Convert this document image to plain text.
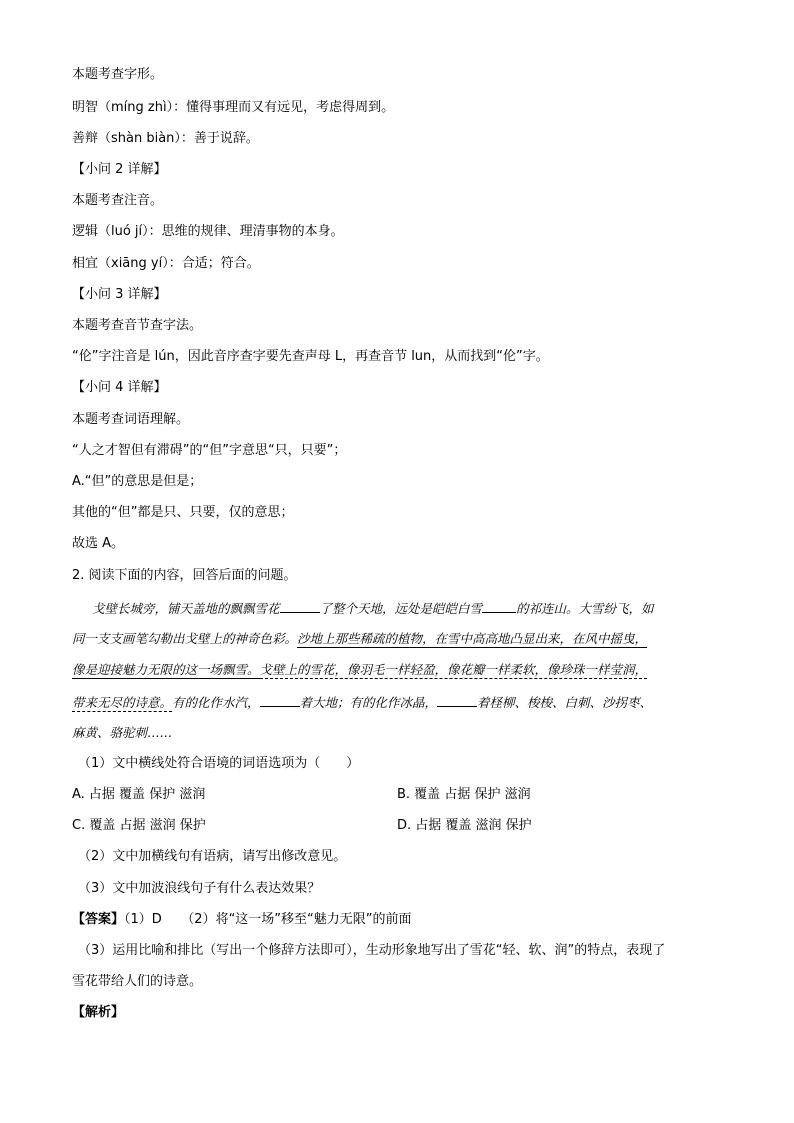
本题考查字形。
明智（míng zhì）：懂得事理而又有远见，考虑得周到。
善辩（shàn biàn）：善于说辞。
【小问 2 详解】
本题考查注音。
逻辑（luó jí）：思维的规律、理清事物的本身。
相宜（xiāng yí）：合适；符合。
【小问 3 详解】
本题考查音节查字法。
“伦”字注音是 lún，因此音序查字要先查声母 L，再查音节 lun，从而找到“伦”字。
【小问 4 详解】
本题考查词语理解。
“人之才智但有滞碍”的“但”字意思“只，只要”；
A.“但”的意思是但是；
其他的“但”都是只、只要，仅的意思；
故选 A。
2. 阅读下面的内容，回答后面的问题。
戈壁长城旁，铺天盖地的飘飘雪花	了整个天地，远处是皑皑白雪	的祁连山。大雪纷飞，如
同一支支画笔勾勒出戈壁上的神奇色彩。沙地上那些稀疏的植物，在雪中高高地凸显出来，在风中摇曳，
像是迎接魅力无限的这一场飘雪。戈壁上的雪花，像羽毛一样轻盈，像花瓣一样柔软，像珍珠一样莹润，
带来无尽的诗意。有的化作水汽，	着大地；有的化作冰晶，	着柽柳、梭梭、白刺、沙拐枣、
麻黄、骆驼刺……
（1）文中横线处符合语境的词语选项为（　　）
A. 占据 覆盖 保护 滋润	B. 覆盖 占据 保护 滋润
C. 覆盖 占据 滋润 保护	D. 占据 覆盖 滋润 保护
（2）文中加横线句有语病，请写出修改意见。
（3）文中加波浪线句子有什么表达效果？
【答案】（1）D　　（2）将“这一场”移至“魅力无限”的前面
（3）运用比喻和排比（写出一个修辞方法即可），生动形象地写出了雪花“轻、软、润”的特点，表现了
雪花带给人们的诗意。
【解析】
